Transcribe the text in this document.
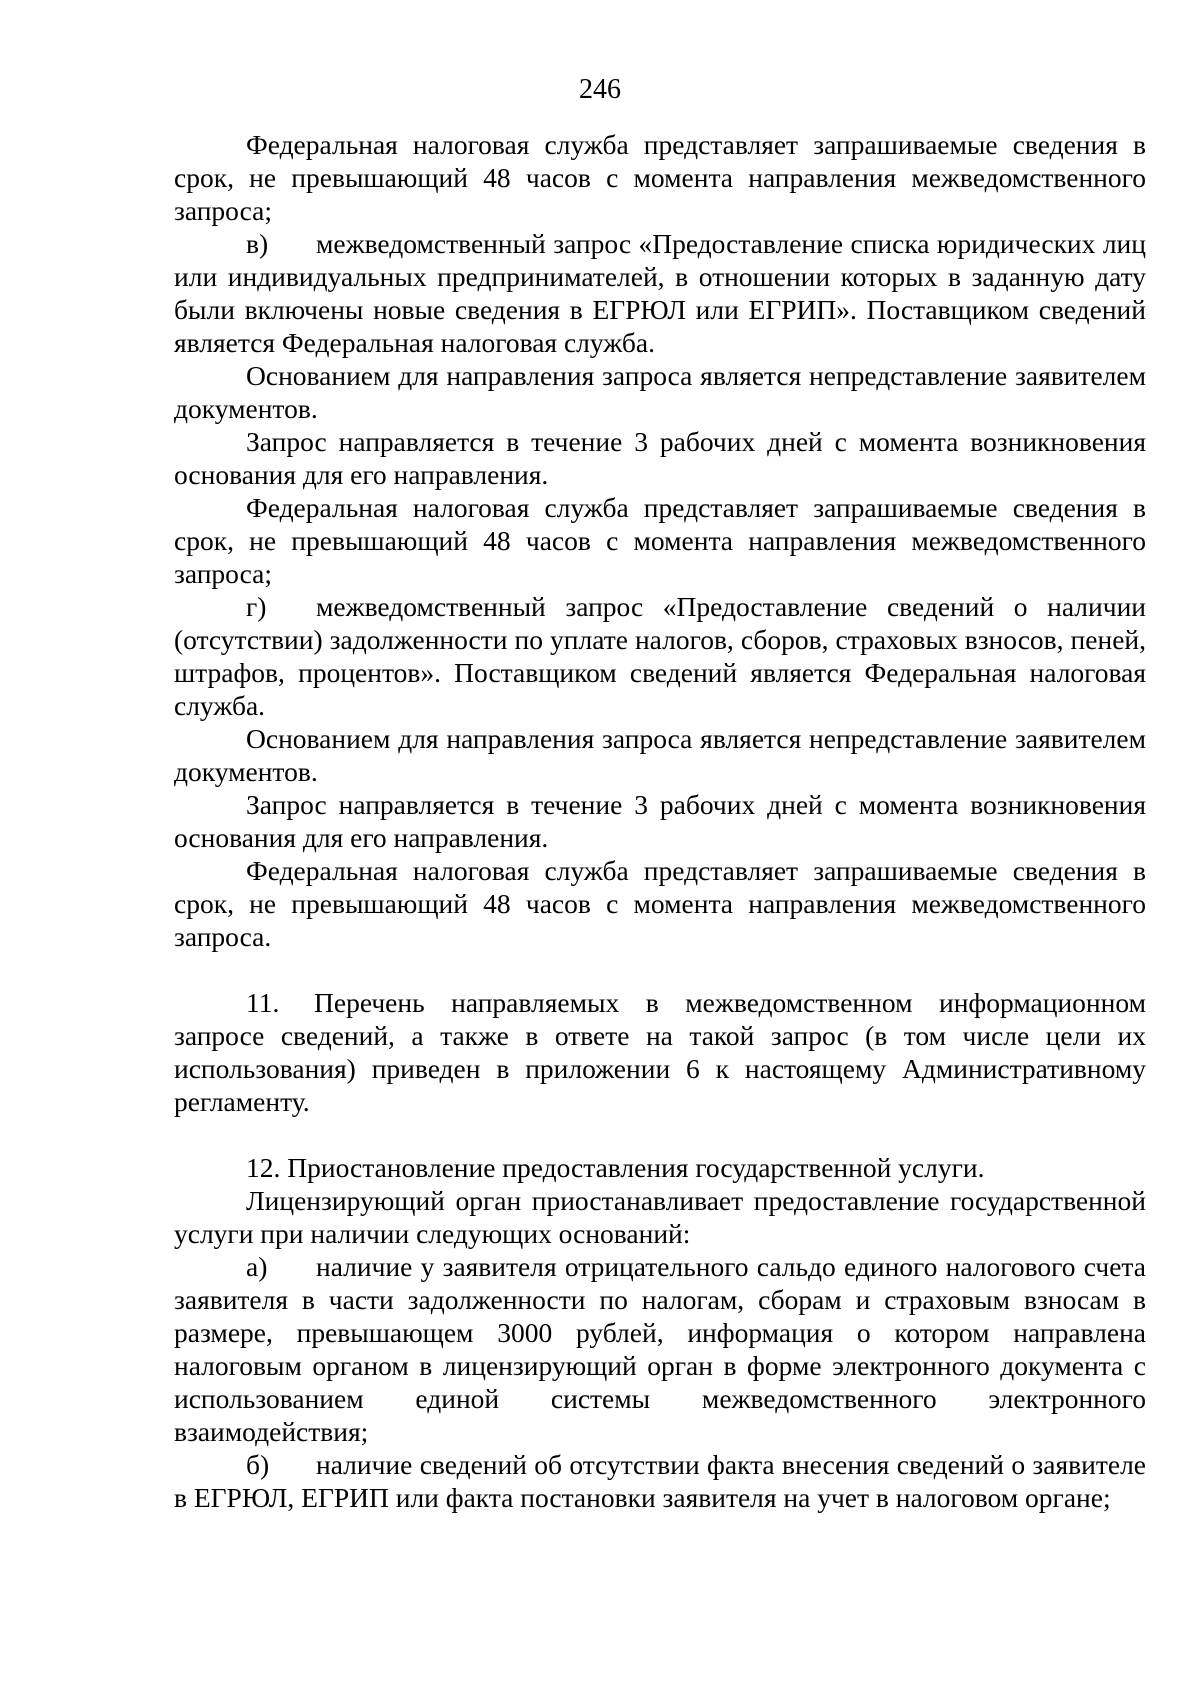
246

Федеральная налоговая служба представляет запрашиваемые сведения в срок, не превышающий 48 часов с момента направления межведомственного запроса;

в) межведомственный запрос «Предоставление списка юридических лиц или индивидуальных предпринимателей, в отношении которых в заданную дату были включены новые сведения в ЕГРЮЛ или ЕГРИП». Поставщиком сведений является Федеральная налоговая служба.

Основанием для направления запроса является непредставление заявителем документов.

Запрос направляется в течение 3 рабочих дней с момента возникновения основания для его направления.

Федеральная налоговая служба представляет запрашиваемые сведения в срок, не превышающий 48 часов с момента направления межведомственного запроса;

г) межведомственный запрос «Предоставление сведений о наличии (отсутствии) задолженности по уплате налогов, сборов, страховых взносов, пеней, штрафов, процентов». Поставщиком сведений является Федеральная налоговая служба.

Основанием для направления запроса является непредставление заявителем документов.

Запрос направляется в течение 3 рабочих дней с момента возникновения основания для его направления.

Федеральная налоговая служба представляет запрашиваемые сведения в срок, не превышающий 48 часов с момента направления межведомственного запроса.

11. Перечень направляемых в межведомственном информационном запросе сведений, а также в ответе на такой запрос (в том числе цели их использования) приведен в приложении 6 к настоящему Административному регламенту.

12. Приостановление предоставления государственной услуги.

Лицензирующий орган приостанавливает предоставление государственной услуги при наличии следующих оснований:

а) наличие у заявителя отрицательного сальдо единого налогового счета заявителя в части задолженности по налогам, сборам и страховым взносам в размере, превышающем 3000 рублей, информация о котором направлена налоговым органом в лицензирующий орган в форме электронного документа с использованием единой системы межведомственного электронного взаимодействия;

б) наличие сведений об отсутствии факта внесения сведений о заявителе в ЕГРЮЛ, ЕГРИП или факта постановки заявителя на учет в налоговом органе;
